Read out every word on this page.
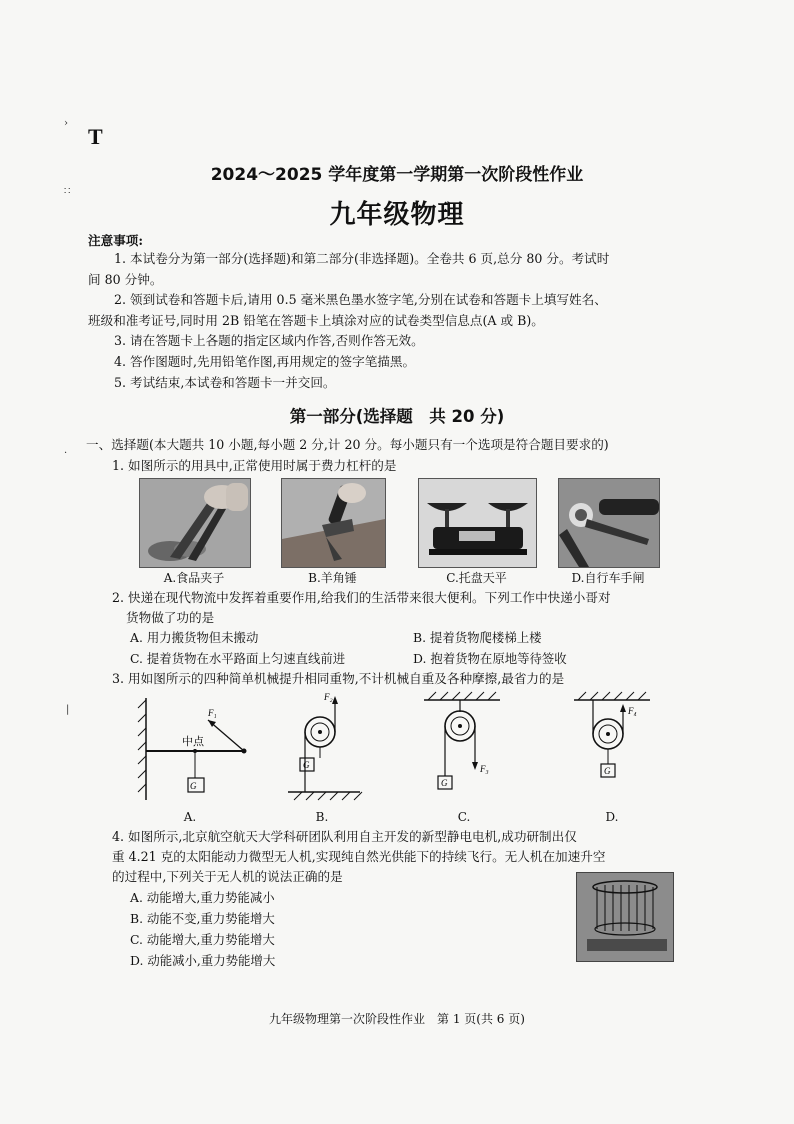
T
2024～2025 学年度第一学期第一次阶段性作业
九年级物理
›
∷
·
|
注意事项:
1. 本试卷分为第一部分(选择题)和第二部分(非选择题)。全卷共 6 页,总分 80 分。考试时
间 80 分钟。
2. 领到试卷和答题卡后,请用 0.5 毫米黑色墨水签字笔,分别在试卷和答题卡上填写姓名、
班级和准考证号,同时用 2B 铅笔在答题卡上填涂对应的试卷类型信息点(A 或 B)。
3. 请在答题卡上各题的指定区域内作答,否则作答无效。
4. 答作图题时,先用铅笔作图,再用规定的签字笔描黑。
5. 考试结束,本试卷和答题卡一并交回。
第一部分(选择题　共 20 分)
一、选择题(本大题共 10 小题,每小题 2 分,计 20 分。每小题只有一个选项是符合题目要求的)
1. 如图所示的用具中,正常使用时属于费力杠杆的是
A.食品夹子	B.羊角锤	C.托盘天平	D.自行车手闸
2. 快递在现代物流中发挥着重要作用,给我们的生活带来很大便利。下列工作中快递小哥对
货物做了功的是
A. 用力搬货物但未搬动	B. 提着货物爬楼梯上楼
C. 提着货物在水平路面上匀速直线前进	D. 抱着货物在原地等待签收
3. 用如图所示的四种简单机械提升相同重物,不计机械自重及各种摩擦,最省力的是
G
中点
F₁
A.
G
F₂
B.
G
F₃
C.
G
F₄
D.
4. 如图所示,北京航空航天大学科研团队利用自主开发的新型静电电机,成功研制出仅
重 4.21 克的太阳能动力微型无人机,实现纯自然光供能下的持续飞行。无人机在加速升空
的过程中,下列关于无人机的说法正确的是
A. 动能增大,重力势能减小
B. 动能不变,重力势能增大
C. 动能增大,重力势能增大
D. 动能减小,重力势能增大
九年级物理第一次阶段性作业　第 1 页(共 6 页)
